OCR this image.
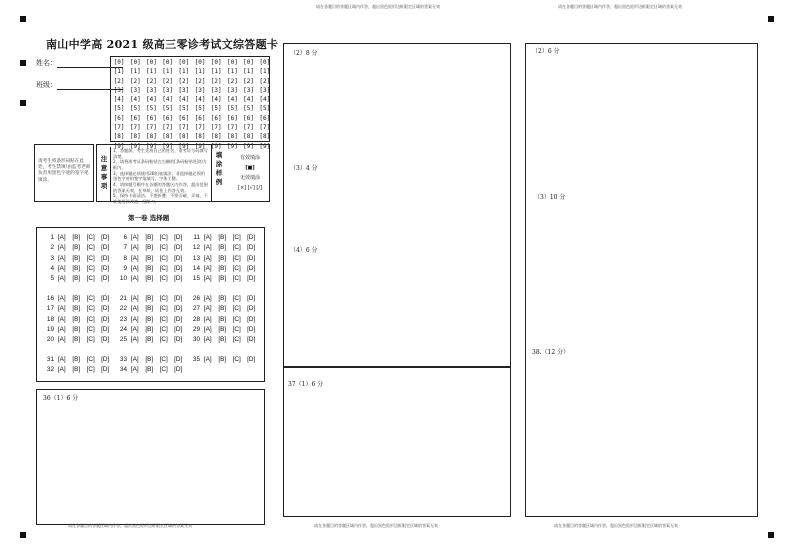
请在各题目的答题区域内作答，超出黑色矩形边框限定区域的答案无效	请在各题目的答题区域内作答，超出黑色矩形边框限定区域的答案无效
南山中学高 2021 级高三零诊考试文综答题卡
姓名：
班级：
[0] [0] [0] [0] [0] [0] [0] [0] [0] [0]
[1] [1] [1] [1] [1] [1] [1] [1] [1] [1]
[2] [2] [2] [2] [2] [2] [2] [2] [2] [2]
[3] [3] [3] [3] [3] [3] [3] [3] [3] [3]
[4] [4] [4] [4] [4] [4] [4] [4] [4] [4]
[5] [5] [5] [5] [5] [5] [5] [5] [5] [5]
[6] [6] [6] [6] [6] [6] [6] [6] [6] [6]
[7] [7] [7] [7] [7] [7] [7] [7] [7] [7]
[8] [8] [8] [8] [8] [8] [8] [8] [8] [8]
[9] [9] [9] [9] [9] [9] [9] [9] [9] [9]
请考生将条形码贴在此处，考生禁填!由监考老师负责用黑色字迹的签字笔填涂。
注意事项
1、答题前，考生先将自己的姓名、准考证号码填写清楚。
2、请将准考证条码粘贴在右侧的[条码粘贴处]的方框内。
3、选择题必须使用2B铅笔填涂；非选择题必须用黑色字迹的签字笔填写，字体工整。
4、请按题号顺序在各题的答题区内作答，超出范围的答案无效，在草纸、试卷上作答无效。
5、保持卡面清洁，不要折叠、不要弄破、弄皱，不准使用涂改液、刮纸刀。
填涂样例
有效填涂
[■]
无效填涂
[×] [√] [/]
第一卷 选择题
1 [A] [B] [C] [D]	6 [A] [B] [C] [D]	11 [A] [B] [C] [D]
2 [A] [B] [C] [D]	7 [A] [B] [C] [D]	12 [A] [B] [C] [D]
3 [A] [B] [C] [D]	8 [A] [B] [C] [D]	13 [A] [B] [C] [D]
4 [A] [B] [C] [D]	9 [A] [B] [C] [D]	14 [A] [B] [C] [D]
5 [A] [B] [C] [D]	10 [A] [B] [C] [D]	15 [A] [B] [C] [D]
16 [A] [B] [C] [D]	21 [A] [B] [C] [D]	26 [A] [B] [C] [D]
17 [A] [B] [C] [D]	22 [A] [B] [C] [D]	27 [A] [B] [C] [D]
18 [A] [B] [C] [D]	23 [A] [B] [C] [D]	28 [A] [B] [C] [D]
19 [A] [B] [C] [D]	24 [A] [B] [C] [D]	29 [A] [B] [C] [D]
20 [A] [B] [C] [D]	25 [A] [B] [C] [D]	30 [A] [B] [C] [D]
31 [A] [B] [C] [D]	33 [A] [B] [C] [D]	35 [A] [B] [C] [D]
32 [A] [B] [C] [D]	34 [A] [B] [C] [D]
36（1）6 分
（2）8 分
（3）4 分
（4）6 分
37（1）6 分
（2）6 分
（3）10 分
38.（12 分）
请在各题目的答题区域内作答，超出黑色矩形边框限定区域的答案无效	请在各题目的答题区域内作答，超出黑色矩形边框限定区域的答案无效	请在各题目的答题区域内作答，超出黑色矩形边框限定区域的答案无效
